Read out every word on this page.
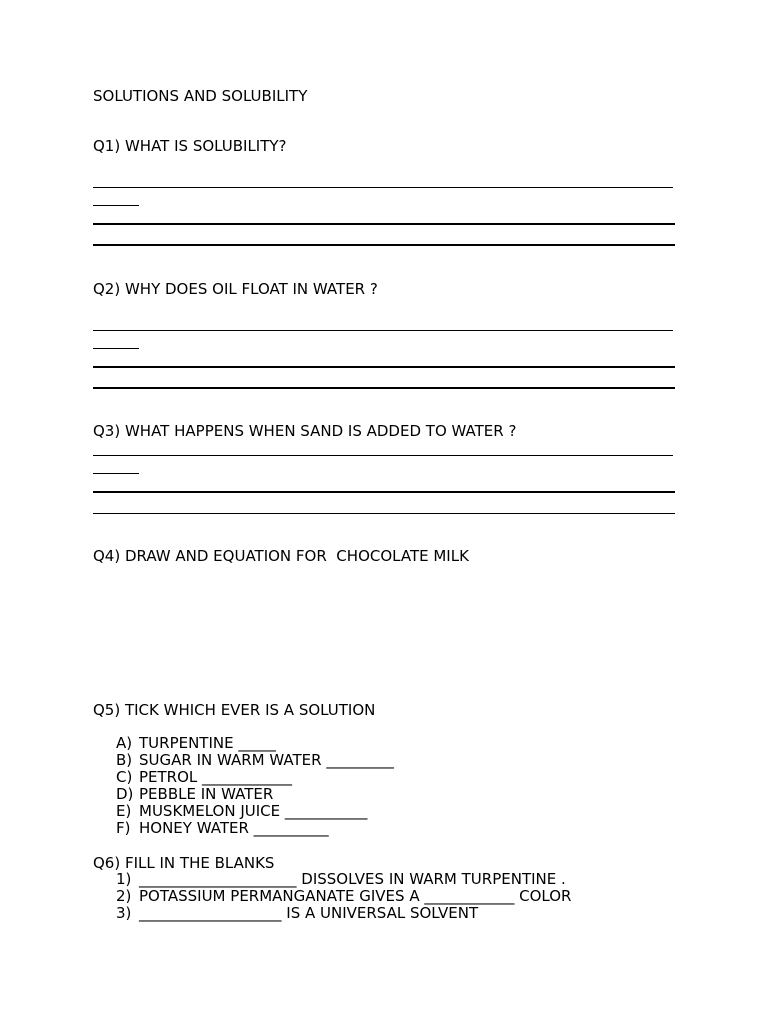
SOLUTIONS AND SOLUBILITY
Q1) WHAT IS SOLUBILITY?
Q2) WHY DOES OIL FLOAT IN WATER ?
Q3) WHAT HAPPENS WHEN SAND IS ADDED TO WATER ?
Q4) DRAW AND EQUATION FOR  CHOCOLATE MILK
Q5) TICK WHICH EVER IS A SOLUTION
A) TURPENTINE _____
B) SUGAR IN WARM WATER _________
C) PETROL ____________
D) PEBBLE IN WATER
E) MUSKMELON JUICE ___________
F) HONEY WATER __________
Q6) FILL IN THE BLANKS
1) _____________________ DISSOLVES IN WARM TURPENTINE .
2) POTASSIUM PERMANGANATE GIVES A ____________ COLOR
3) ___________________ IS A UNIVERSAL SOLVENT
